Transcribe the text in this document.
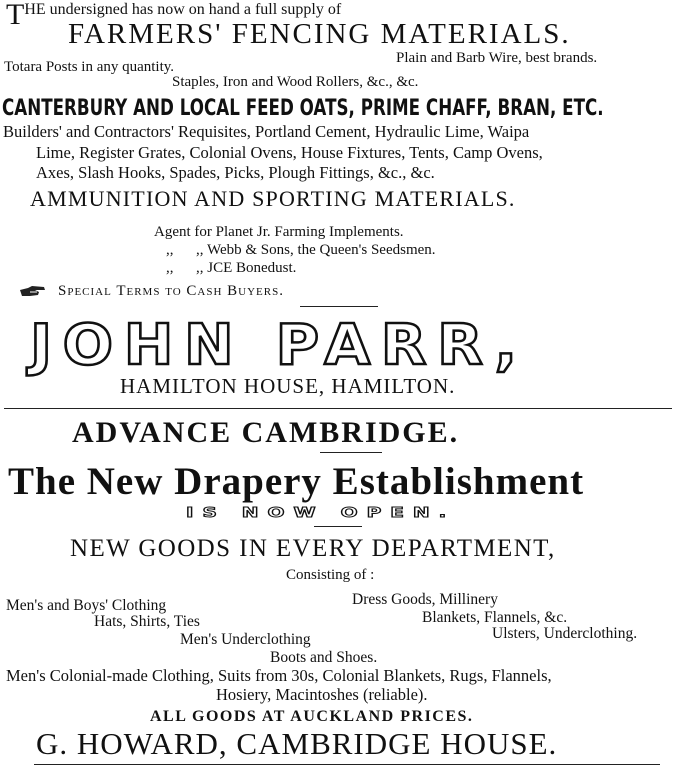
THE undersigned has now on hand a full supply of
FARMERS' FENCING MATERIALS.
Totara Posts in any quantity.
Plain and Barb Wire, best brands.
Staples, Iron and Wood Rollers, &c., &c.
CANTERBURY AND LOCAL FEED OATS, PRIME CHAFF, BRAN, ETC.
Builders' and Contractors' Requisites, Portland Cement, Hydraulic Lime, Waipa
Lime, Register Grates, Colonial Ovens, House Fixtures, Tents, Camp Ovens,
Axes, Slash Hooks, Spades, Picks, Plough Fittings, &c., &c.
AMMUNITION AND SPORTING MATERIALS.
Agent for Planet Jr. Farming Implements.
,,      ,, Webb & Sons, the Queen's Seedsmen.
,,      ,, JCE Bonedust.
Special Terms to Cash Buyers.
JOHN PARR,
HAMILTON HOUSE, HAMILTON.
ADVANCE CAMBRIDGE.
The New Drapery Establishment
IS NOW OPEN.
NEW GOODS IN EVERY DEPARTMENT,
Consisting of :
Men's and Boys' Clothing	Dress Goods, Millinery
Hats, Shirts, Ties	Blankets, Flannels, &c.
Men's Underclothing	Ulsters, Underclothing.
Boots and Shoes.
Men's Colonial-made Clothing, Suits from 30s, Colonial Blankets, Rugs, Flannels,
Hosiery, Macintoshes (reliable).
ALL GOODS AT AUCKLAND PRICES.
G. HOWARD, CAMBRIDGE HOUSE.
